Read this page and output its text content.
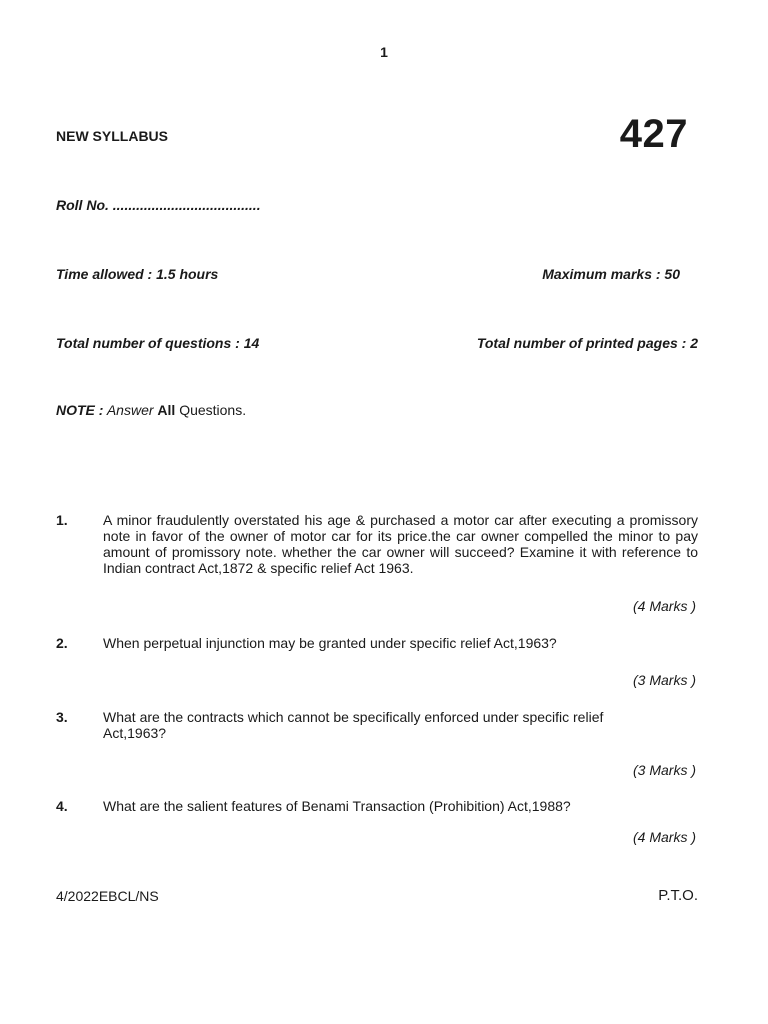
1
NEW SYLLABUS	427
Roll No. ......................................
Time allowed : 1.5 hours	Maximum marks : 50
Total number of questions : 14	Total number of printed pages : 2
NOTE : Answer All Questions.
1.	A minor fraudulently overstated his age & purchased a motor car after executing a promissory note in favor of the owner of motor car for its price.the car owner compelled the minor to pay amount of promissory note. whether the car owner will succeed? Examine it with reference to Indian contract Act,1872 & specific relief Act 1963.
(4 Marks )
2.	When perpetual injunction may be granted under specific relief Act,1963?
(3 Marks )
3.	What are the contracts which cannot be specifically enforced under specific relief Act,1963?
(3 Marks )
4.	What are the salient features of Benami Transaction (Prohibition) Act,1988?
(4 Marks )
4/2022EBCL/NS	P.T.O.
